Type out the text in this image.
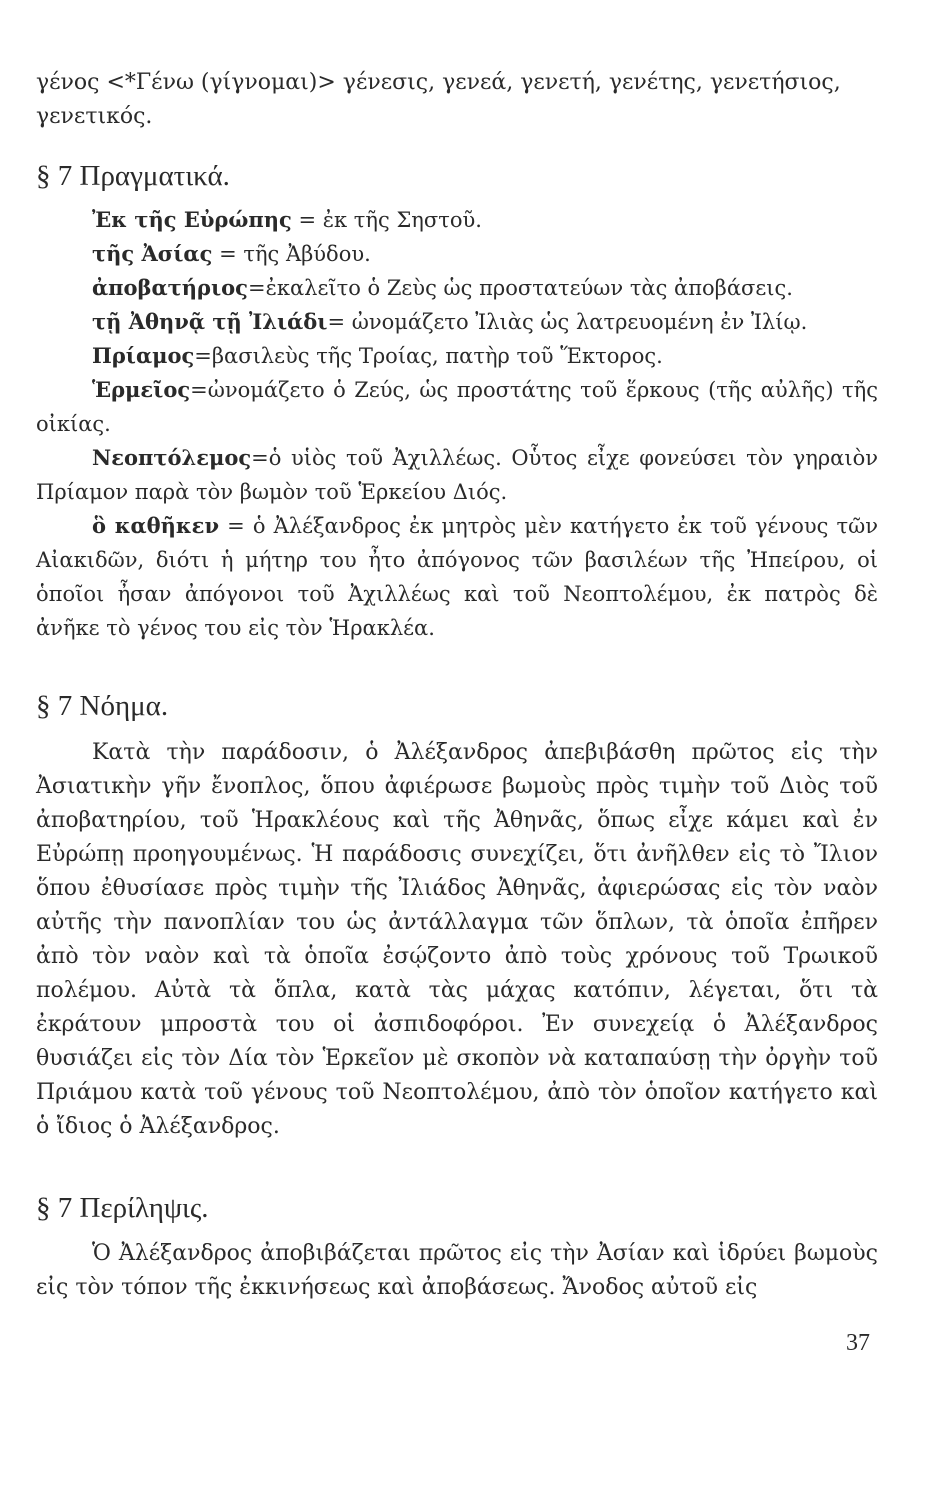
γένος <*Γένω (γίγνομαι)> γένεσις, γενεά, γενετή, γενέτης, γενετήσιος, γενετικός.
§ 7 Πραγματικά.
Ἐκ τῆς Εὐρώπης = ἐκ τῆς Σηστοῦ.
τῆς Ἀσίας = τῆς Ἀβύδου.
ἀποβατήριος=ἐκαλεῖτο ὁ Ζεὺς ὡς προστατεύων τὰς ἀποβάσεις.
τῇ Ἀθηνᾷ τῇ Ἰλιάδι= ὠνομάζετο Ἰλιὰς ὡς λατρευομένη ἐν Ἰλίῳ.
Πρίαμος=βασιλεὺς τῆς Τροίας, πατὴρ τοῦ Ἕκτορος.
Ἑρμεῖος=ὠνομάζετο ὁ Ζεύς, ὡς προστάτης τοῦ ἕρκους (τῆς αὐλῆς) τῆς οἰκίας.
Νεοπτόλεμος=ὁ υἱὸς τοῦ Ἀχιλλέως. Οὗτος εἶχε φονεύσει τὸν γηραιὸν Πρίαμον παρὰ τὸν βωμὸν τοῦ Ἑρκείου Διός.
ὃ καθῆκεν = ὁ Ἀλέξανδρος ἐκ μητρὸς μὲν κατήγετο ἐκ τοῦ γένους τῶν Αἰακιδῶν, διότι ἡ μήτηρ του ἦτο ἀπόγονος τῶν βασιλέων τῆς Ἠπείρου, οἱ ὁποῖοι ἦσαν ἀπόγονοι τοῦ Ἀχιλλέως καὶ τοῦ Νεοπτολέμου, ἐκ πατρὸς δὲ ἀνῆκε τὸ γένος του εἰς τὸν Ἡρακλέα.
§ 7 Νόημα.
Κατὰ τὴν παράδοσιν, ὁ Ἀλέξανδρος ἀπεβιβάσθη πρῶτος εἰς τὴν Ἀσιατικὴν γῆν ἔνοπλος, ὅπου ἀφιέρωσε βωμοὺς πρὸς τιμὴν τοῦ Διὸς τοῦ ἀποβατηρίου, τοῦ Ἡρακλέους καὶ τῆς Ἀθηνᾶς, ὅπως εἶχε κάμει καὶ ἐν Εὐρώπῃ προηγουμένως. Ἡ παράδοσις συνεχίζει, ὅτι ἀνῆλθεν εἰς τὸ Ἴλιον ὅπου ἐθυσίασε πρὸς τιμὴν τῆς Ἰλιάδος Ἀθηνᾶς, ἀφιερώσας εἰς τὸν ναὸν αὐτῆς τὴν πανοπλίαν του ὡς ἀντάλλαγμα τῶν ὅπλων, τὰ ὁποῖα ἐπῆρεν ἀπὸ τὸν ναὸν καὶ τὰ ὁποῖα ἐσῴζοντο ἀπὸ τοὺς χρόνους τοῦ Τρωικοῦ πολέμου. Αὐτὰ τὰ ὅπλα, κατὰ τὰς μάχας κατόπιν, λέγεται, ὅτι τὰ ἐκράτουν μπροστὰ του οἱ ἀσπιδοφόροι. Ἐν συνεχείᾳ ὁ Ἀλέξανδρος θυσιάζει εἰς τὸν Δία τὸν Ἑρκεῖον μὲ σκοπὸν νὰ καταπαύσῃ τὴν ὀργὴν τοῦ Πριάμου κατὰ τοῦ γένους τοῦ Νεοπτολέμου, ἀπὸ τὸν ὁποῖον κατήγετο καὶ ὁ ἴδιος ὁ Ἀλέξανδρος.
§ 7 Περίληψις.
Ὁ Ἀλέξανδρος ἀποβιβάζεται πρῶτος εἰς τὴν Ἀσίαν καὶ ἱδρύει βωμοὺς εἰς τὸν τόπον τῆς ἐκκινήσεως καὶ ἀποβάσεως. Ἄνοδος αὐτοῦ εἰς
37
